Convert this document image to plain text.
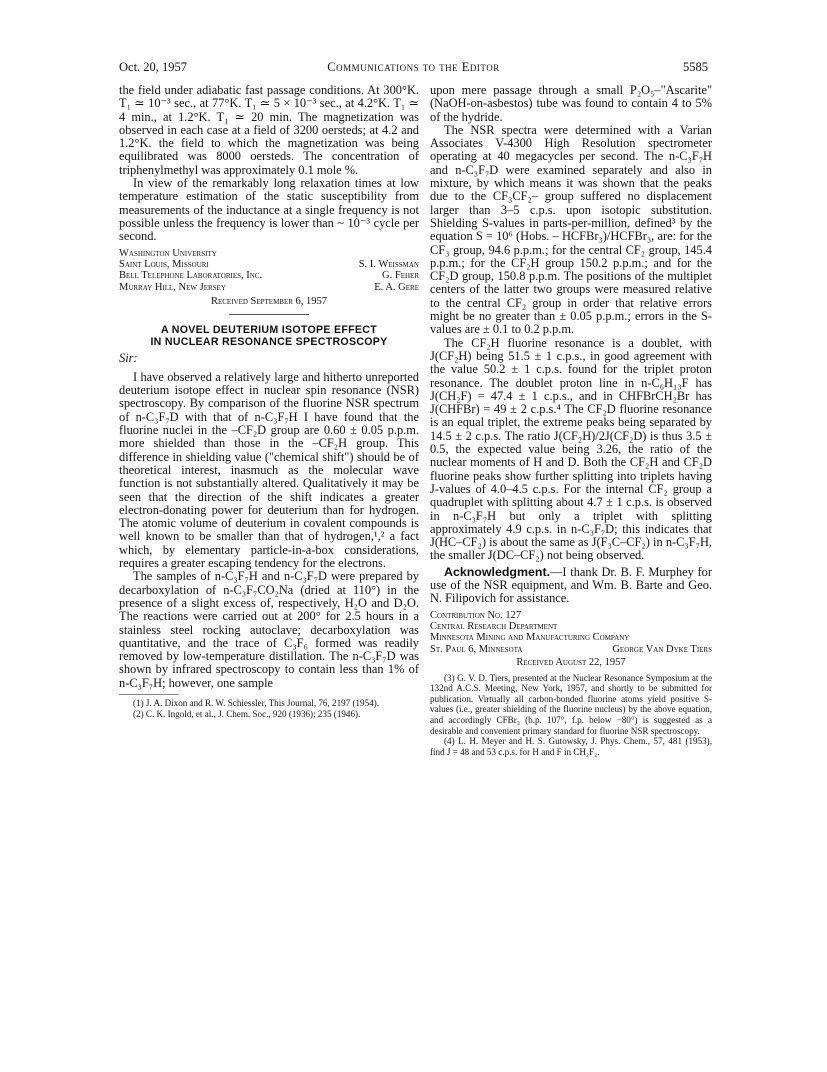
Oct. 20, 1957	Communications to the Editor	5585

the field under adiabatic fast passage conditions. At 300°K. T₁ ≃ 10⁻³ sec., at 77°K. T₁ ≃ 5 × 10⁻³ sec., at 4.2°K. T₁ ≃ 4 min., at 1.2°K. T₁ ≃ 20 min. The magnetization was observed in each case at a field of 3200 oersteds; at 4.2 and 1.2°K. the field to which the magnetization was being equilibrated was 8000 oersteds. The concentration of triphenylmethyl was approximately 0.1 mole %.

In view of the remarkably long relaxation times at low temperature estimation of the static susceptibility from measurements of the inductance at a single frequency is not possible unless the frequency is lower than ~ 10⁻³ cycle per second.

Washington University
Saint Louis, Missouri	S. I. Weissman
Bell Telephone Laboratories, Inc.	G. Feher
Murray Hill, New Jersey	E. A. Gere
Received September 6, 1957
A NOVEL DEUTERIUM ISOTOPE EFFECT
IN NUCLEAR RESONANCE SPECTROSCOPY
Sir:

I have observed a relatively large and hitherto unreported deuterium isotope effect in nuclear spin resonance (NSR) spectroscopy. By comparison of the fluorine NSR spectrum of n-C₃F₇D with that of n-C₃F₇H I have found that the fluorine nuclei in the –CF₂D group are 0.60 ± 0.05 p.p.m. more shielded than those in the –CF₂H group. This difference in shielding value ("chemical shift") should be of theoretical interest, inasmuch as the molecular wave function is not substantially altered. Qualitatively it may be seen that the direction of the shift indicates a greater electron-donating power for deuterium than for hydrogen. The atomic volume of deuterium in covalent compounds is well known to be smaller than that of hydrogen,¹,² a fact which, by elementary particle-in-a-box considerations, requires a greater escaping tendency for the electrons.

The samples of n-C₃F₇H and n-C₃F₇D were prepared by decarboxylation of n-C₃F₇CO₂Na (dried at 110°) in the presence of a slight excess of, respectively, H₂O and D₂O. The reactions were carried out at 200° for 2.5 hours in a stainless steel rocking autoclave; decarboxylation was quantitative, and the trace of C₃F₆ formed was readily removed by low-temperature distillation. The n-C₃F₇D was shown by infrared spectroscopy to contain less than 1% of n-C₃F₇H; however, one sample

(1) J. A. Dixon and R. W. Schiessler, This Journal, 76, 2197 (1954).

(2) C. K. Ingold, et al., J. Chem. Soc., 920 (1936); 235 (1946).

upon mere passage through a small P₂O₅–"Ascarite" (NaOH-on-asbestos) tube was found to contain 4 to 5% of the hydride.

The NSR spectra were determined with a Varian Associates V-4300 High Resolution spectrometer operating at 40 megacycles per second. The n-C₃F₇H and n-C₃F₇D were examined separately and also in mixture, by which means it was shown that the peaks due to the CF₃CF₂– group suffered no displacement larger than 3–5 c.p.s. upon isotopic substitution. Shielding S-values in parts-per-million, defined³ by the equation S = 10⁶ (Hobs. – HCFBr₃)/HCFBr₃, are: for the CF₃ group, 94.6 p.p.m.; for the central CF₂ group, 145.4 p.p.m.; for the CF₂H group 150.2 p.p.m.; and for the CF₂D group, 150.8 p.p.m. The positions of the multiplet centers of the latter two groups were measured relative to the central CF₂ group in order that relative errors might be no greater than ± 0.05 p.p.m.; errors in the S-values are ± 0.1 to 0.2 p.p.m.

The CF₂H fluorine resonance is a doublet, with J(CF₂H) being 51.5 ± 1 c.p.s., in good agreement with the value 50.2 ± 1 c.p.s. found for the triplet proton resonance. The doublet proton line in n-C₆H₁₃F has J(CH₂F) = 47.4 ± 1 c.p.s., and in CHFBrCH₂Br has J(CHFBr) = 49 ± 2 c.p.s.⁴ The CF₂D fluorine resonance is an equal triplet, the extreme peaks being separated by 14.5 ± 2 c.p.s. The ratio J(CF₂H)/2J(CF₂D) is thus 3.5 ± 0.5, the expected value being 3.26, the ratio of the nuclear moments of H and D. Both the CF₂H and CF₂D fluorine peaks show further splitting into triplets having J-values of 4.0–4.5 c.p.s. For the internal CF₂ group a quadruplet with splitting about 4.7 ± 1 c.p.s. is observed in n-C₃F₇H but only a triplet with splitting approximately 4.9 c.p.s. in n-C₃F₇D; this indicates that J(HC–CF₂) is about the same as J(F₃C–CF₂) in n-C₃F₇H, the smaller J(DC–CF₂) not being observed.

Acknowledgment.—I thank Dr. B. F. Murphey for use of the NSR equipment, and Wm. B. Barte and Geo. N. Filipovich for assistance.

Contribution No. 127
Central Research Department
Minnesota Mining and Manufacturing Company
St. Paul 6, Minnesota	George Van Dyke Tiers
Received August 22, 1957

(3) G. V. D. Tiers, presented at the Nuclear Resonance Symposium at the 132nd A.C.S. Meeting, New York, 1957, and shortly to be submitted for publication. Virtually all carbon-bonded fluorine atoms yield positive S-values (i.e., greater shielding of the fluorine nucleus) by the above equation, and accordingly CFBr₃ (b.p. 107°, f.p. below −80°) is suggested as a desirable and convenient primary standard for fluorine NSR spectroscopy.

(4) L. H. Meyer and H. S. Gutowsky, J. Phys. Chem., 57, 481 (1953), find J = 48 and 53 c.p.s. for H and F in CH₂F₂.
